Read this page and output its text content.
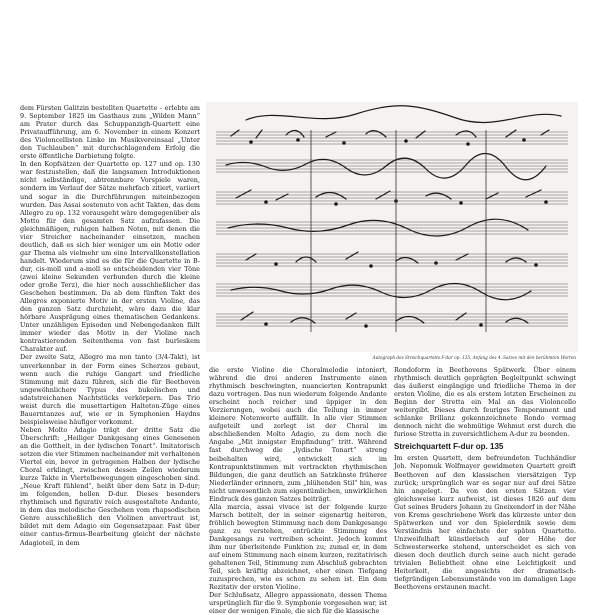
dem Fürsten Galitzin bestellten Quartette – erlebte am 9. September 1825 im Gasthaus zum „Wilden Mann“ am Prater durch das Schuppanzigh-Quartett eine Privataufführung, am 6. November in einem Konzert des Violoncellisten Linke im Musikvereinsaal „Unter den Tuchlauben“ mit durchschlagendem Erfolg die erste öffentliche Darbietung folgte.

In den Kopfsätzen der Quartette op. 127 und op. 130 war festzustellen, daß die langsamen Introduktionen nicht selbständige, abtrennbare Vorspiele waren, sondern im Verlauf der Sätze mehrfach zitiert, variiert und sogar in die Durchführungen miteinbezogen wurden. Das Assai sostenuto von acht Takten, das dem Allegro zu op. 132 vorausgeht wäre demgegenüber als Motto für den gesamten Satz aufzufassen. Die gleichmäßigen, ruhigen halben Noten, mit denen die vier Streicher nacheinander einsetzen, machen deutlich, daß es sich hier weniger um ein Motiv oder gar Thema als vielmehr um eine Intervallkonstellation handelt. Wiederum sind es die für die Quartette in B-dur, cis-moll und a-moll so entscheidenden vier Töne (zwei kleine Sekunden verbunden durch die kleine oder große Terz), die hier noch ausschließlicher das Geschehen bestimmen. Da ab dem fünften Takt des Allegros exponierte Motiv in der ersten Violine, das den ganzen Satz durchzieht, wäre dazu die klar hörbare Ausprägung eines thematischen Gedankens. Unter unzähligen Episoden und Nebengedanken fällt immer wieder das Motiv in der Violine nach kontrastierenden Seitenthema von fast burleskem Charakter auf.

Der zweite Satz, Allegro ma non tanto (3/4-Takt), ist unverkennbar in der Form eines Scherzos gebaut, wenn auch die ruhige Gangart und friedliche Stimmung mit dazu führen, sich die für Beethoven ungewöhnlichere Typus des bukolischen und sdatstreichanen Nachtstücks verkörpern. Das Trio weist durch die musettartigen Halteton-Züge eines Bauerntanzes auf, wie er in Symphonien Haydns beispielsweise häufiger vorkommt.

Neben Molto Adagio trägt der dritte Satz die Überschrift: „Heiliger Dankgesang eines Genesenen an die Gottheit, in der lydischen Tonart“. Imitatorisch setzen die vier Stimmen nacheinander mit verhaltenen Viertel ein, bevor in getragenen Halben der lydische Choral erklingt, zwischen dessen Zeilen wiederum kurze Takte in Viertelbewegungen eingeschoben sind. „Neue Kraft fühlend“, heißt über dem Satz in D-dur; im folgenden, hellen D-dur. Dieses besonders rhythmisch und figurativ reich ausgestaltete Andante, in dem das melodische Geschehen vom rhapsodischen Genre ausschließlich den Violinen anvertraut ist, bildet mit dem Adagio ein Gegensatzpaar. Fast über einer cantus-firmus-Bearbeitung gleicht der nächste Adagioteil, in dem

Autograph des Streichquartetts F-dur op. 135, Anfang des 4. Satzes mit den berühmten Worten

die erste Violine die Choralmelodie intoniert, während die drei anderen Instrumente einen rhythmisch beschwingten, nuancierten Kontrapunkt dazu vortragen. Das nun wiederum folgende Andante erscheint noch reicher und üppiger in den Verzierungen, wobei auch die Teilung in immer kleinere Notenwerte auffällt. In alle vier Stimmen aufgeteilt und zerlegt ist der Choral im abschließenden Molto Adagio, zu dem noch die Angabe „Mit innigster Empfindung“ tritt. Während fast durchweg die „lydische Tonart“ streng beibehalten wird, entwickelt sich im Kontrapunktstimmen mit vertrackten rhythmischen Bildungen, die ganz deutlich an Satzkünste früherer Niederländer erinnern, zum „blühenden Stil“ hin, was nicht unwesentlich zum eigentümlichen, unwirklichen Eindruck des ganzen Satzes beiträgt.

Alla marcia, assai vivace ist der folgende kurze Marsch betitelt, der in seiner eigenartig heiteren, fröhlich bewegten Stimmung nach dem Dankgesange ganz zu verstehen, entrückte Stimmung des Dankgesangs zu vertreiben scheint. Jedoch kommt ihm nur überleitende Funktion zu; zumal er, in dem auf einem Stimmung nach einem kurzen, rezitativisch gehaltenen Teil, Stimmung zum Abschluß gebrachten Teil, sich kräftig abzeichnet, eher einen Tiefgang zuzusprechen, wie es schon zu sehen ist. Ein dem Rezitativ der ersten Violine.

Der Schlußsatz, Allegro appassionato, dessen Thema ursprünglich für die 9. Symphonie vorgesehen war, ist einer der wenigen Finale, die sich für die klassische

Rondoform in Beethovens Spätwerk. Über einem rhythmisch deutlich geprägten Begleitpunkt schwingt das äußerst eingängige und friedliche Thema in der ersten Violine, die es als erstem letzten Erscheinen zu Beginn der Stretta ein Mal an das Violoncello weitergibt. Dieses durch feuriges Temperament und schlanke Brillanz gekennzeichnete Rondo vermag dennoch nicht die wehmütige Wehmut erst durch die furiose Stretta in zuversichtlichem A-dur zu beenden.

Streichquartett F-dur op. 135

Im ersten Quartett, dem befreundeten Tuchhändler Joh. Nepomuk Wolfmayer gewidmeten Quartett greift Beethoven auf den klassischen viersätzigen Typ zurück; ursprünglich war es sogar nur auf drei Sätze hin angelegt. Da von den ersten Sätzen vier gleichsweise kurz aufweist, ist dieses 1826 auf dem Gut seines Bruders Johann zu Gneixendorf in der Nähe von Krems geschriebene Werk das kürzeste unter den Spätwerken und vor den Spielerdnik sowie dem Verständnis her einfachste der späten Quartette. Unzweifelhaft künstlerisch auf der Höhe der Schwesterwerke stehend, unterscheidet es sich von diesen doch deutlich durch seine auch nicht gerade trivialen Beliebtheit ohne eine Leichtigkeit und Heiterkeit, die angesichts der dramatisch-tiefgründigen Lebensumstände von im damaligen Lage Beethovens erstaunen macht.
